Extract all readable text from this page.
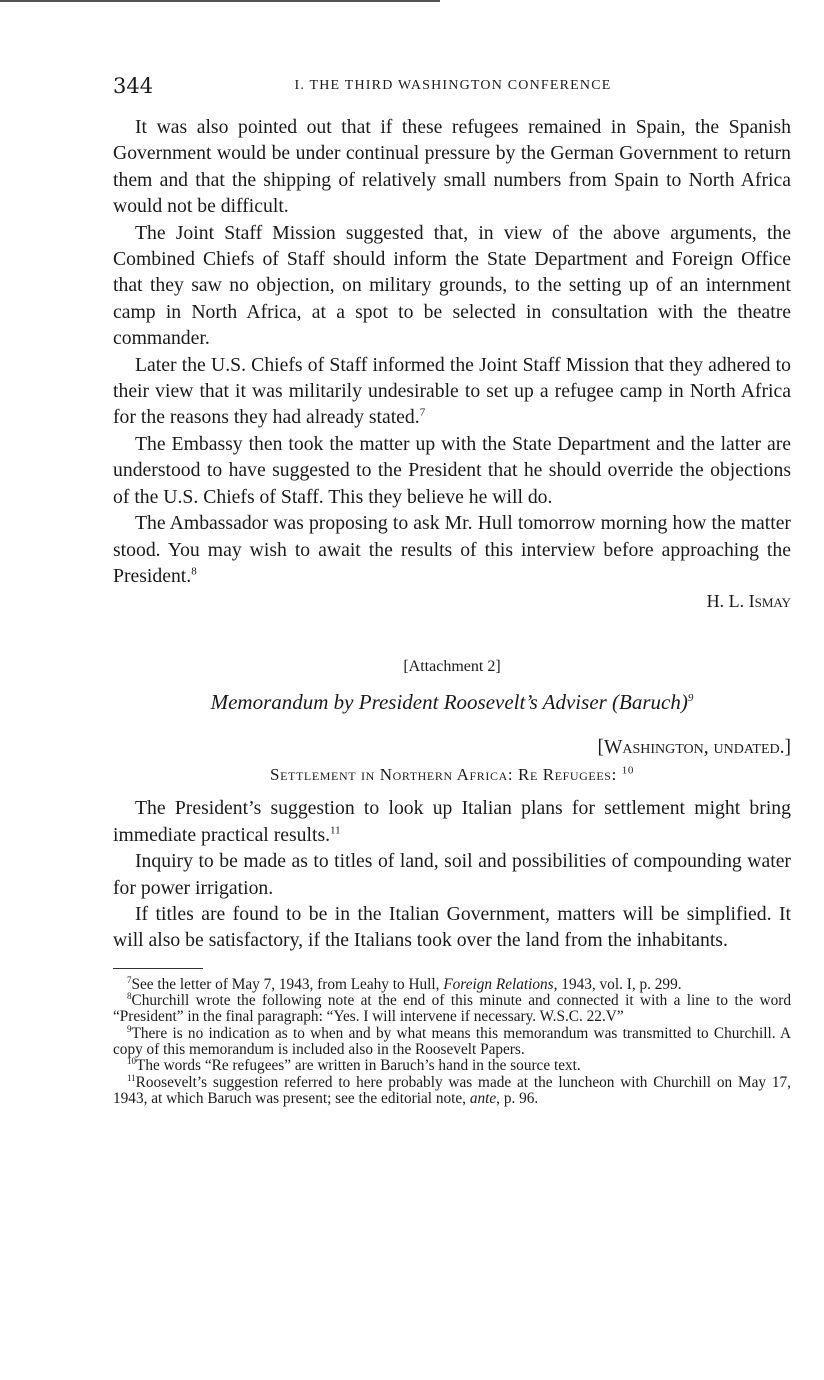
344	I. THE THIRD WASHINGTON CONFERENCE

It was also pointed out that if these refugees remained in Spain, the Spanish Government would be under continual pressure by the German Government to return them and that the shipping of relatively small numbers from Spain to North Africa would not be difficult.

The Joint Staff Mission suggested that, in view of the above arguments, the Combined Chiefs of Staff should inform the State Department and Foreign Office that they saw no objection, on military grounds, to the setting up of an internment camp in North Africa, at a spot to be selected in consultation with the theatre commander.

Later the U.S. Chiefs of Staff informed the Joint Staff Mission that they adhered to their view that it was militarily undesirable to set up a refugee camp in North Africa for the reasons they had already stated.$^7$

The Embassy then took the matter up with the State Department and the latter are understood to have suggested to the President that he should override the objections of the U.S. Chiefs of Staff. This they believe he will do.

The Ambassador was proposing to ask Mr. Hull tomorrow morning how the matter stood. You may wish to await the results of this interview before approaching the President.$^8$

H. L. Ismay
[Attachment 2]
Memorandum by President Roosevelt’s Adviser (Baruch)$^9$
[Washington, undated.]
Settlement in Northern Africa: Re Refugees: $^{10}$

The President’s suggestion to look up Italian plans for settlement might bring immediate practical results.$^{11}$

Inquiry to be made as to titles of land, soil and possibilities of compounding water for power irrigation.

If titles are found to be in the Italian Government, matters will be simplified. It will also be satisfactory, if the Italians took over the land from the inhabitants.

$^7$See the letter of May 7, 1943, from Leahy to Hull, Foreign Relations, 1943, vol. I, p. 299.

$^8$Churchill wrote the following note at the end of this minute and connected it with a line to the word “President” in the final paragraph: “Yes. I will intervene if necessary. W.S.C. 22.V”

$^9$There is no indication as to when and by what means this memorandum was transmitted to Churchill. A copy of this memorandum is included also in the Roosevelt Papers.

$^{10}$The words “Re refugees” are written in Baruch’s hand in the source text.

$^{11}$Roosevelt’s suggestion referred to here probably was made at the luncheon with Churchill on May 17, 1943, at which Baruch was present; see the editorial note, ante, p. 96.
